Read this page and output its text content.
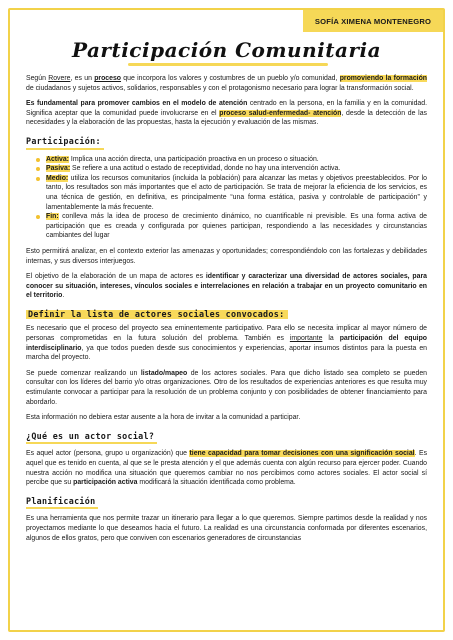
SOFÍA XIMENA MONTENEGRO
Participación Comunitaria

Según Rovere, es un proceso que incorpora los valores y costumbres de un pueblo y/o comunidad, promoviendo la formación de ciudadanos y sujetos activos, solidarios, responsables y con el protagonismo necesario para lograr la transformación social.

Es fundamental para promover cambios en el modelo de atención centrado en la persona, en la familia y en la comunidad. Significa aceptar que la comunidad puede involucrarse en el proceso salud-enfermedad- atención, desde la detección de las necesidades y la elaboración de las propuestas, hasta la ejecución y evaluación de las mismas.

Participación:
Activa: Implica una acción directa, una participación proactiva en un proceso o situación.
Pasiva: Se refiere a una actitud o estado de receptividad, donde no hay una intervención activa.
Medio: utiliza los recursos comunitarios (incluida la población) para alcanzar las metas y objetivos preestablecidos. Por lo tanto, los resultados son más importantes que el acto de participación. Se trata de mejorar la eficiencia de los servicios, es una técnica de gestión, en definitiva, es principalmente “una forma estática, pasiva y controlable de participación” y lamentablemente la más frecuente.
Fin: conlleva más la idea de proceso de crecimiento dinámico, no cuantificable ni previsible. Es una forma activa de participación que es creada y configurada por quienes participan, respondiendo a las necesidades y circunstancias cambiantes del lugar

Esto permitirá analizar, en el contexto exterior las amenazas y oportunidades; correspondiéndolo con las fortalezas y debilidades internas, y sus diversos interjuegos.

El objetivo de la elaboración de un mapa de actores es identificar y caracterizar una diversidad de actores sociales, para conocer su situación, intereses, vínculos sociales e interrelaciones en relación a trabajar en un proyecto comunitario en el territorio.

Definir la lista de actores sociales convocados:

Es necesario que el proceso del proyecto sea eminentemente participativo. Para ello se necesita implicar al mayor número de personas comprometidas en la futura solución del problema. También es importante la participación del equipo interdisciplinario, ya que todos pueden desde sus conocimientos y experiencias, aportar insumos distintos para la puesta en marcha del proyecto.

Se puede comenzar realizando un listado/mapeo de los actores sociales. Para que dicho listado sea completo se pueden consultar con los líderes del barrio y/o otras organizaciones. Otro de los resultados de experiencias anteriores es que resulta muy estimulante convocar a participar para la resolución de un problema conjunto y con posibilidades de obtener financiamiento para abordarlo.

Esta información no debiera estar ausente a la hora de invitar a la comunidad a participar.

¿Qué es un actor social?

Es aquel actor (persona, grupo u organización) que tiene capacidad para tomar decisiones con una significación social. Es aquel que es tenido en cuenta, al que se le presta atención y el que además cuenta con algún recurso para ejercer poder. Cuando nuestra acción no modifica una situación que queremos cambiar no nos percibimos como actores sociales. El actor social sí percibe que su participación activa modificará la situación identificada como problema.

Planificación

Es una herramienta que nos permite trazar un itinerario para llegar a lo que queremos. Siempre partimos desde la realidad y nos proyectamos mediante lo que deseamos hacia el futuro. La realidad es una circunstancia conformada por diferentes escenarios, algunos de ellos gratos, pero que conviven con escenarios generadores de circunstancias
